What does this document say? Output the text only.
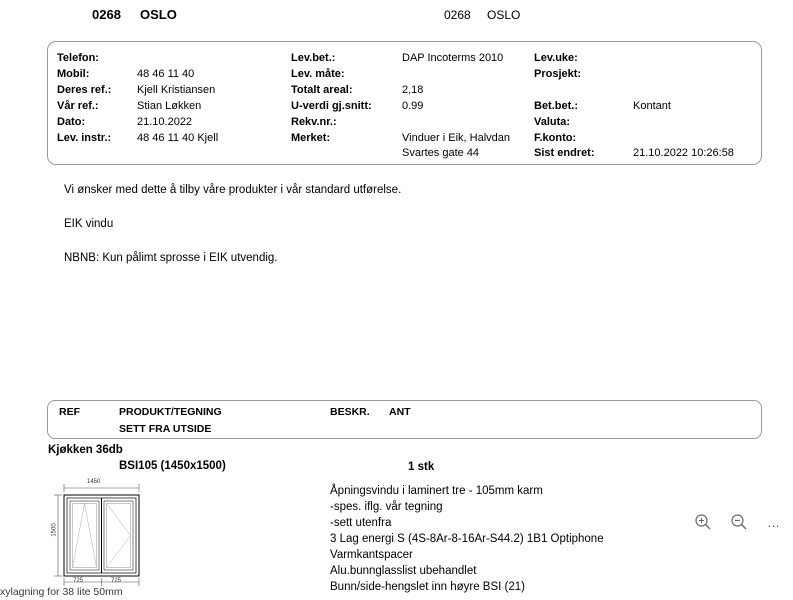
0268 OSLO	0268 OSLO
Telefon:
Mobil:	48 46 11 40
Deres ref.: Kjell Kristiansen
Vår ref.:	Stian Løkken
Dato:	21.10.2022
Lev. instr.: 48 46 11 40 Kjell
Lev.bet.:	DAP Incoterms 2010
Lev. måte:
Totalt areal:	2,18
U-verdi gj.snitt:	0.99
Rekv.nr.:
Merket:	Vinduer i Eik, Halvdan
Svartes gate 44
Lev.uke:
Prosjekt:
Bet.bet.:	Kontant
Valuta:
F.konto:
Sist endret:	21.10.2022 10:26:58
Vi ønsker med dette å tilby våre produkter i vår standard utførelse.
EIK vindu
NBNB: Kun pålimt sprosse i EIK utvendig.
REF	PRODUKT/TEGNING
SETT FRA UTSIDE
BESKR. ANT
Kjøkken 36db
BSI105 (1450x1500)	1 stk
1450
1500
725	725
Åpningsvindu i laminert tre - 105mm karm
-spes. iflg. vår tegning
-sett utenfra
3 Lag energi S (4S-8Ar-8-16Ar-S44.2) 1B1 Optiphone
Varmkantspacer
Alu.bunnglasslist ubehandlet
Bunn/side-hengslet inn høyre BSI (21)
xylagning for 38 lite 50mm
…
